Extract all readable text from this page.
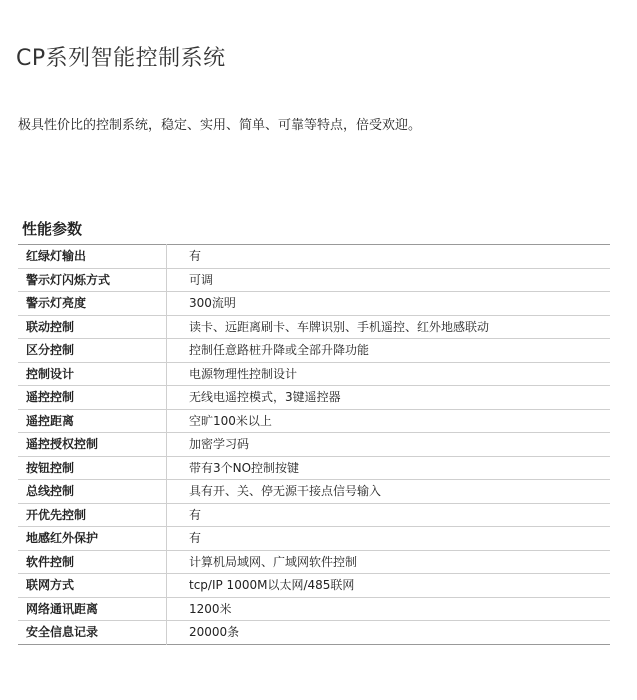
CP系列智能控制系统

极具性价比的控制系统，稳定、实用、简单、可靠等特点，倍受欢迎。

性能参数
红绿灯输出	有
警示灯闪烁方式	可调
警示灯亮度	300流明
联动控制	读卡、远距离刷卡、车牌识别、手机遥控、红外地感联动
区分控制	控制任意路桩升降或全部升降功能
控制设计	电源物理性控制设计
遥控控制	无线电遥控模式，3键遥控器
遥控距离	空旷100米以上
遥控授权控制	加密学习码
按钮控制	带有3个NO控制按键
总线控制	具有开、关、停无源干接点信号输入
开优先控制	有
地感红外保护	有
软件控制	计算机局域网、广域网软件控制
联网方式	tcp/IP 1000M以太网/485联网
网络通讯距离	1200米
安全信息记录	20000条
